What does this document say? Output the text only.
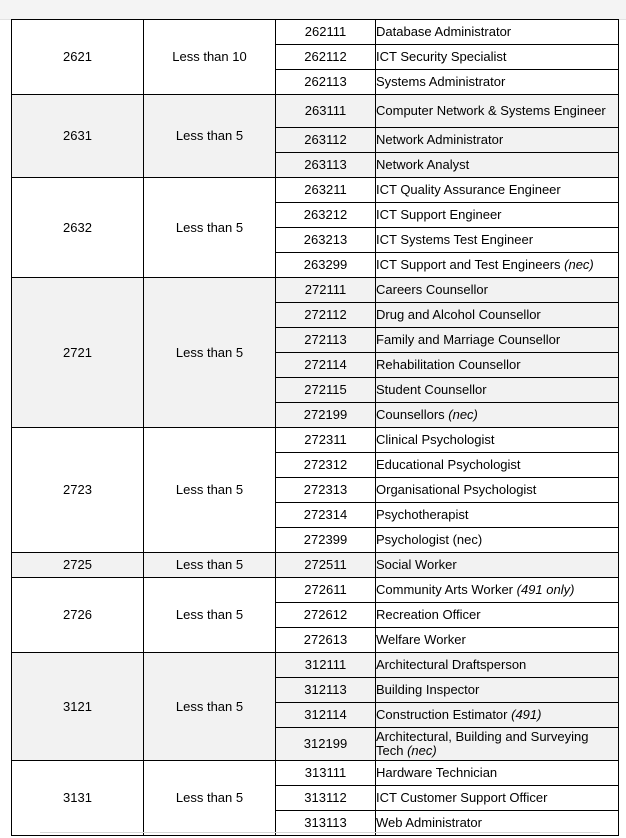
2621	Less than 10	262111	Database Administrator
		262112	ICT Security Specialist
		262113	Systems Administrator
2631	Less than 5	263111	Computer Network & Systems Engineer
		263112	Network Administrator
		263113	Network Analyst
2632	Less than 5	263211	ICT Quality Assurance Engineer
		263212	ICT Support Engineer
		263213	ICT Systems Test Engineer
		263299	ICT Support and Test Engineers (nec)
2721	Less than 5	272111	Careers Counsellor
		272112	Drug and Alcohol Counsellor
		272113	Family and Marriage Counsellor
		272114	Rehabilitation Counsellor
		272115	Student Counsellor
		272199	Counsellors (nec)
2723	Less than 5	272311	Clinical Psychologist
		272312	Educational Psychologist
		272313	Organisational Psychologist
		272314	Psychotherapist
		272399	Psychologist (nec)
2725	Less than 5	272511	Social Worker
2726	Less than 5	272611	Community Arts Worker (491 only)
		272612	Recreation Officer
		272613	Welfare Worker
3121	Less than 5	312111	Architectural Draftsperson
		312113	Building Inspector
		312114	Construction Estimator (491)
		312199	Architectural, Building and Surveying Tech (nec)
3131	Less than 5	313111	Hardware Technician
		313112	ICT Customer Support Officer
		313113	Web Administrator
